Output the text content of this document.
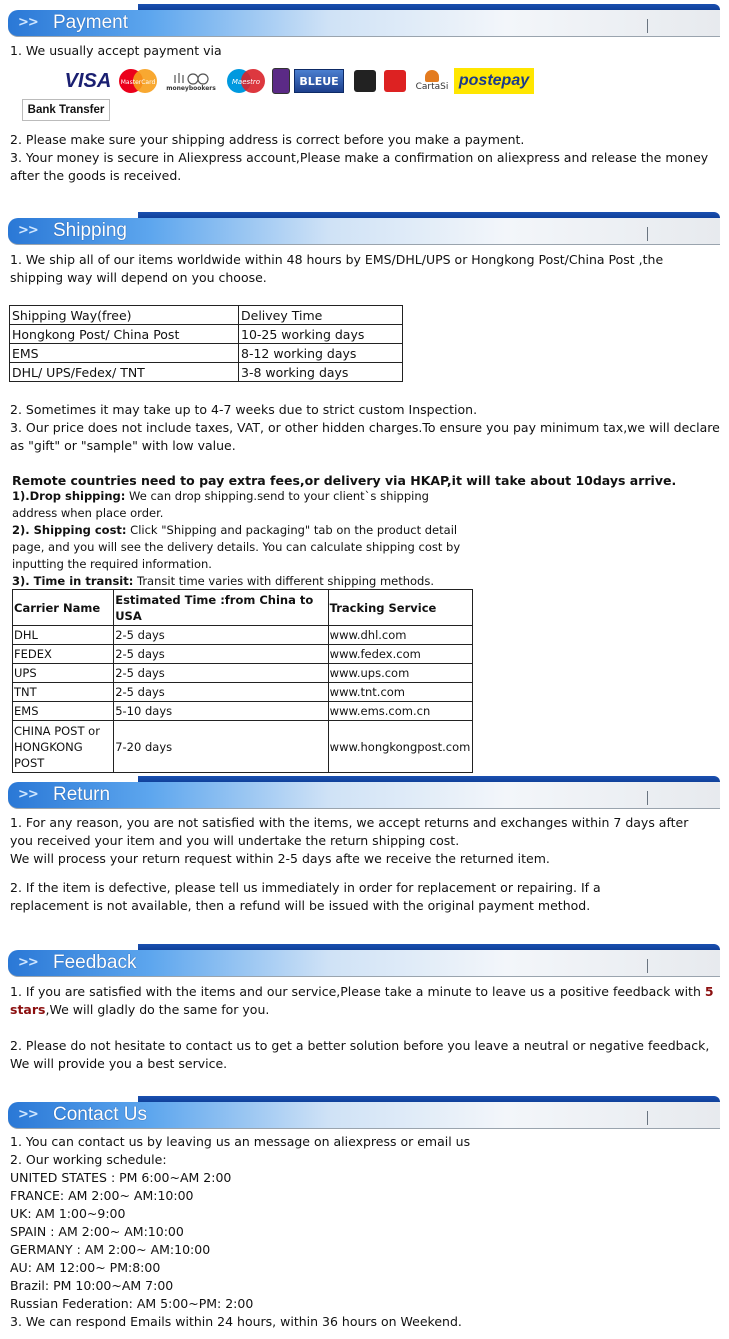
>> Payment
1. We usually accept payment via
VISA	MasterCard
moneybookers
Maestro	BLEUE	CartaSi postepay
Bank Transfer
2. Please make sure your shipping address is correct before you make a payment.
3. Your money is secure in Aliexpress account,Please make a confirmation on aliexpress and release the money
after the goods is received.
>> Shipping
1. We ship all of our items worldwide within 48 hours by EMS/DHL/UPS or Hongkong Post/China Post ,the
shipping way will depend on you choose.
Shipping Way(free)	Delivey Time
Hongkong Post/ China Post	10-25 working days
EMS	8-12 working days
DHL/ UPS/Fedex/ TNT	3-8 working days
2. Sometimes it may take up to 4-7 weeks due to strict custom Inspection.
3. Our price does not include taxes, VAT, or other hidden charges.To ensure you pay minimum tax,we will declare
as "gift" or "sample" with low value.
Remote countries need to pay extra fees,or delivery via HKAP,it will take about 10days arrive.
1).Drop shipping: We can drop shipping.send to your client`s shipping
address when place order.
2). Shipping cost: Click "Shipping and packaging" tab on the product detail
page, and you will see the delivery details. You can calculate shipping cost by
inputting the required information.
3). Time in transit: Transit time varies with different shipping methods.
Carrier Name	Estimated Time :from China to USA	Tracking Service
DHL	2-5 days	www.dhl.com
FEDEX	2-5 days	www.fedex.com
UPS	2-5 days	www.ups.com
TNT	2-5 days	www.tnt.com
EMS	5-10 days	www.ems.com.cn
CHINA POST or HONGKONG POST	7-20 days	www.hongkongpost.com
>> Return
1. For any reason, you are not satisfied with the items, we accept returns and exchanges within 7 days after
you received your item and you will undertake the return shipping cost.
We will process your return request within 2-5 days afte we receive the returned item.
2. If the item is defective, please tell us immediately in order for replacement or repairing. If a
replacement is not available, then a refund will be issued with the original payment method.
>> Feedback
1. If you are satisfied with the items and our service,Please take a minute to leave us a positive feedback with 5
stars,We will gladly do the same for you.
2. Please do not hesitate to contact us to get a better solution before you leave a neutral or negative feedback,
We will provide you a best service.
>> Contact Us
1. You can contact us by leaving us an message on aliexpress or email us
2. Our working schedule:
UNITED STATES : PM 6:00~AM 2:00
FRANCE: AM 2:00~ AM:10:00
UK: AM 1:00~9:00
SPAIN : AM 2:00~ AM:10:00
GERMANY : AM 2:00~ AM:10:00
AU: AM 12:00~ PM:8:00
Brazil: PM 10:00~AM 7:00
Russian Federation: AM 5:00~PM: 2:00
3. We can respond Emails within 24 hours, within 36 hours on Weekend.
